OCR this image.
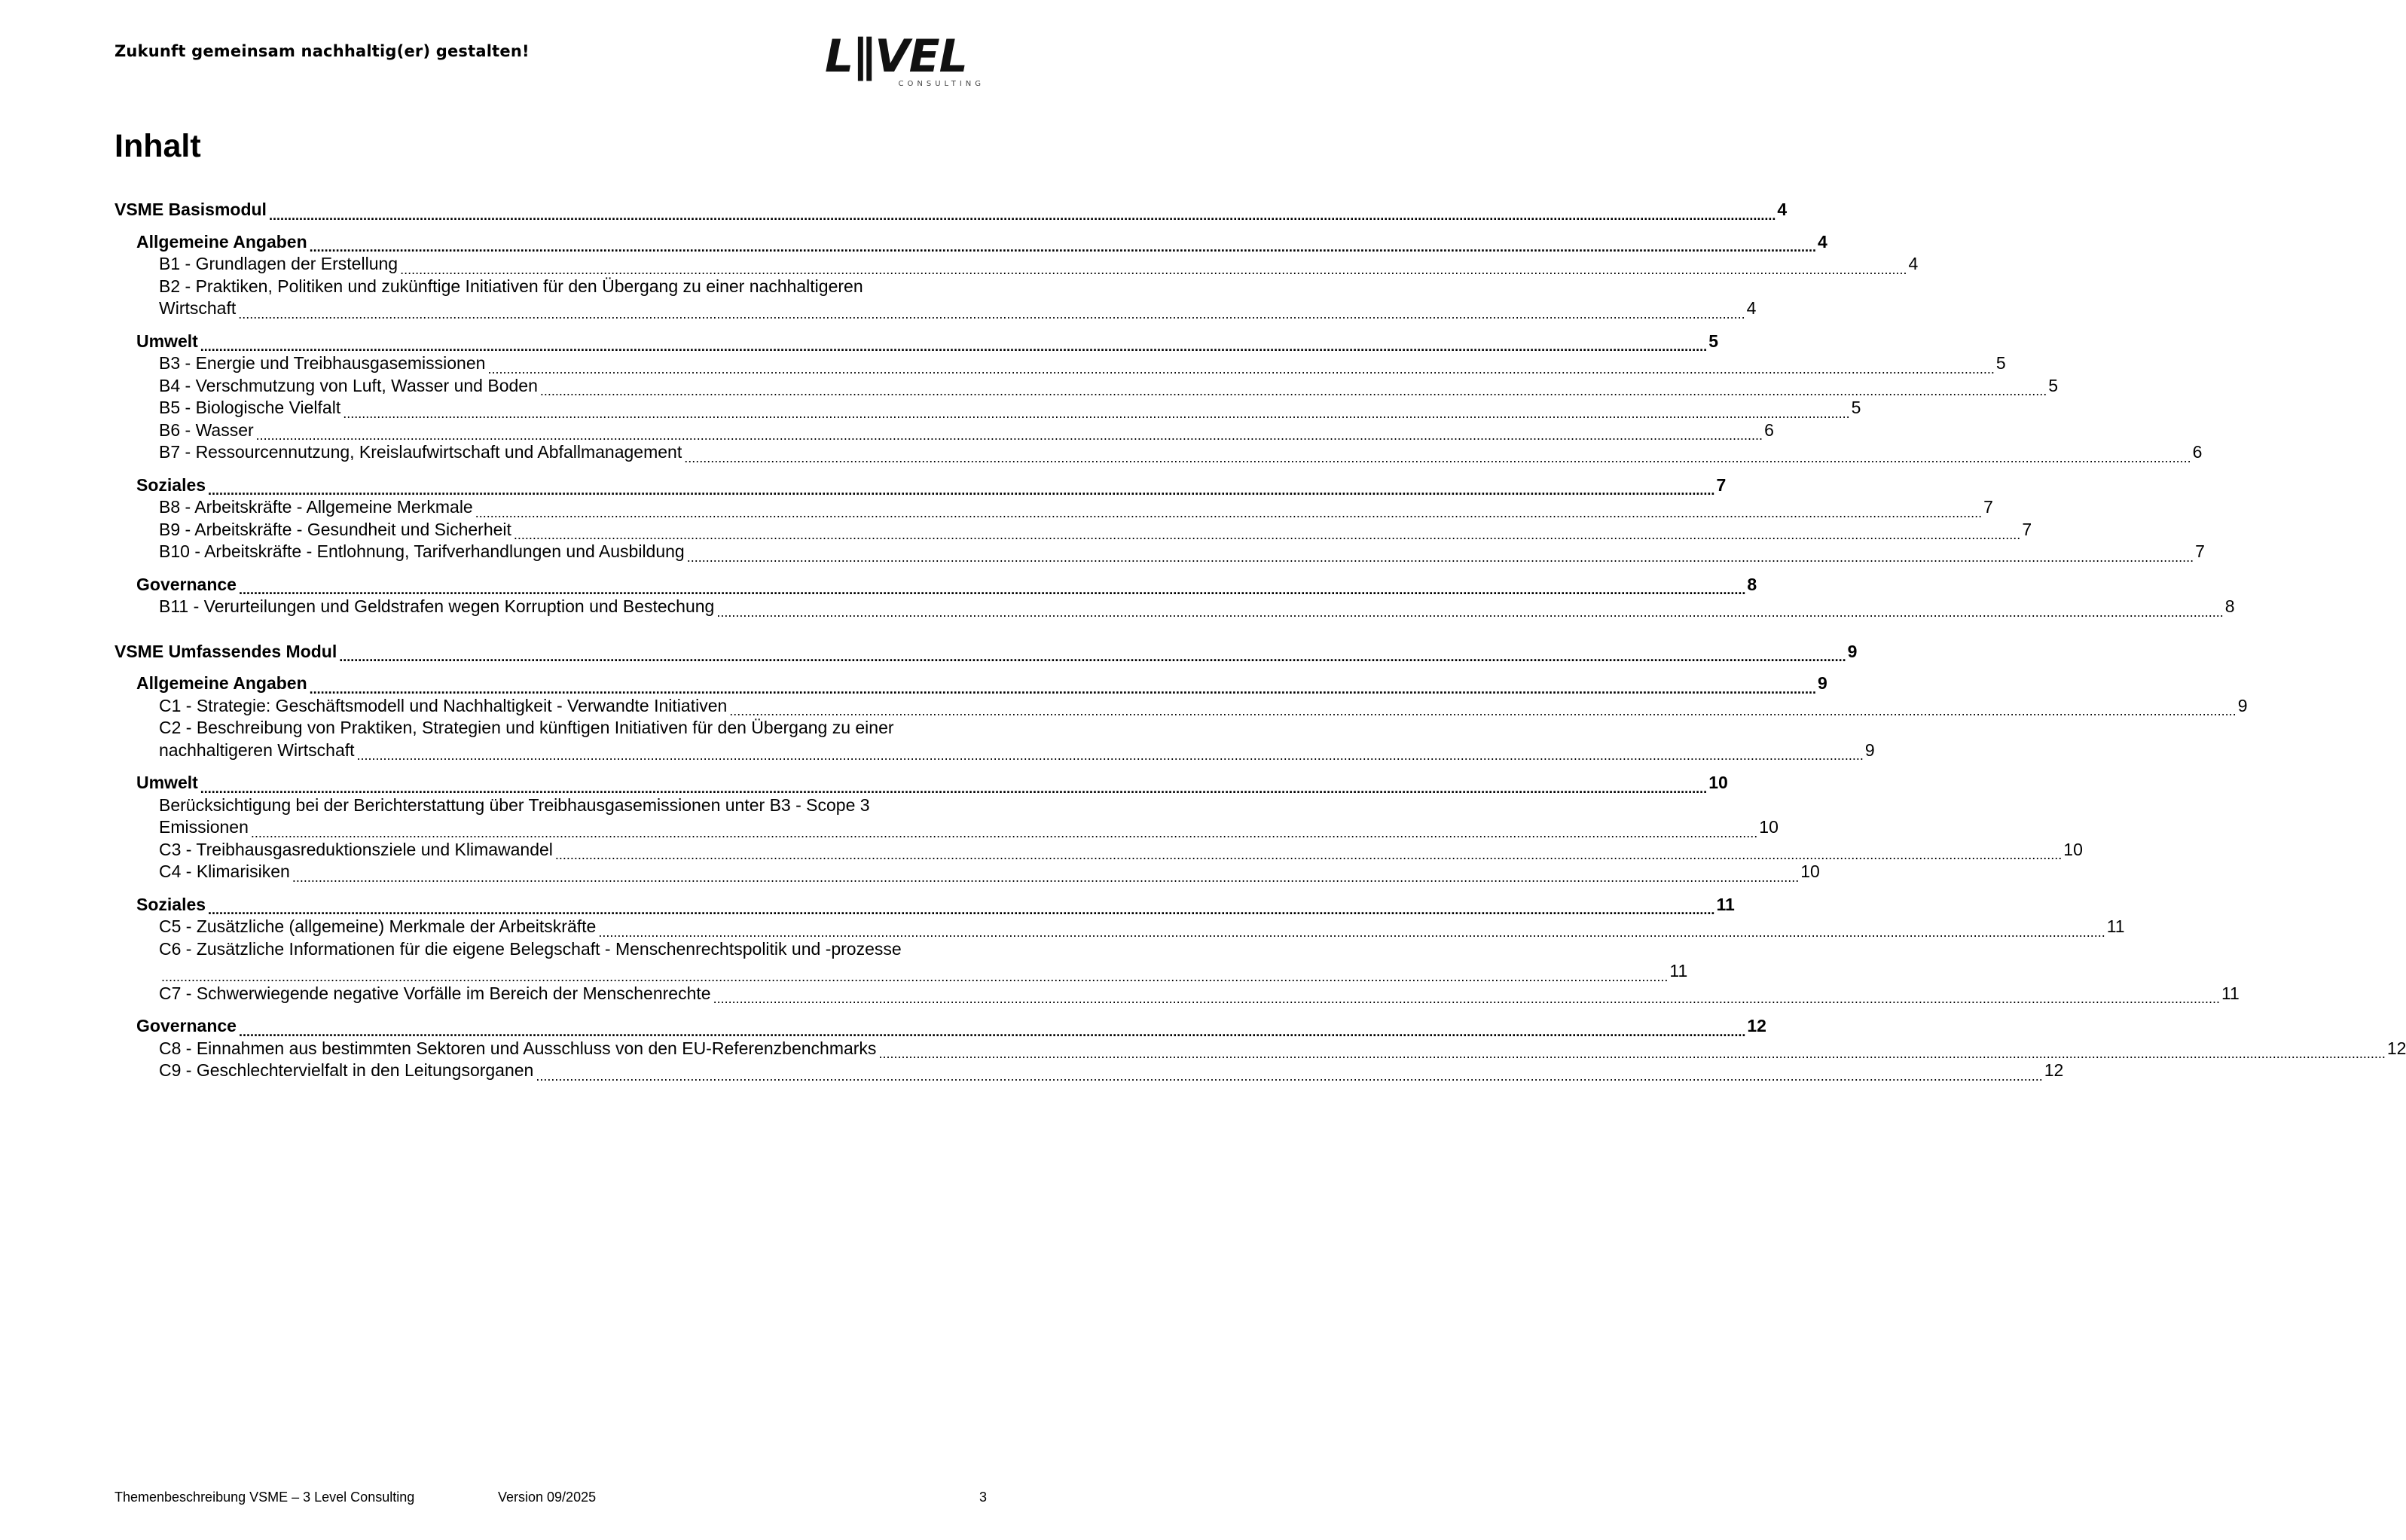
Zukunft gemeinsam nachhaltig(er) gestalten!	L∥VEL
CONSULTING
Inhalt
VSME Basismodul ................................................................................................................................................................................................................................................................................................................................................................................................................ 4
Allgemeine Angaben ................................................................................................................................................................................................................................................................................................................................................................................................................ 4
B1 - Grundlagen der Erstellung ................................................................................................................................................................................................................................................................................................................................................................................................................ 4
B2 - Praktiken, Politiken und zukünftige Initiativen für den Übergang zu einer nachhaltigeren
Wirtschaft ................................................................................................................................................................................................................................................................................................................................................................................................................ 4
Umwelt ................................................................................................................................................................................................................................................................................................................................................................................................................ 5
B3 - Energie und Treibhausgasemissionen ................................................................................................................................................................................................................................................................................................................................................................................................................ 5
B4 - Verschmutzung von Luft, Wasser und Boden ................................................................................................................................................................................................................................................................................................................................................................................................................ 5
B5 - Biologische Vielfalt ................................................................................................................................................................................................................................................................................................................................................................................................................ 5
B6 - Wasser ................................................................................................................................................................................................................................................................................................................................................................................................................ 6
B7 - Ressourcennutzung, Kreislaufwirtschaft und Abfallmanagement ................................................................................................................................................................................................................................................................................................................................................................................................................ 6
Soziales ................................................................................................................................................................................................................................................................................................................................................................................................................ 7
B8 - Arbeitskräfte - Allgemeine Merkmale ................................................................................................................................................................................................................................................................................................................................................................................................................ 7
B9 - Arbeitskräfte - Gesundheit und Sicherheit ................................................................................................................................................................................................................................................................................................................................................................................................................ 7
B10 - Arbeitskräfte - Entlohnung, Tarifverhandlungen und Ausbildung ................................................................................................................................................................................................................................................................................................................................................................................................................ 7
Governance ................................................................................................................................................................................................................................................................................................................................................................................................................ 8
B11 - Verurteilungen und Geldstrafen wegen Korruption und Bestechung ................................................................................................................................................................................................................................................................................................................................................................................................................ 8
VSME Umfassendes Modul ................................................................................................................................................................................................................................................................................................................................................................................................................ 9
Allgemeine Angaben ................................................................................................................................................................................................................................................................................................................................................................................................................ 9
C1 - Strategie: Geschäftsmodell und Nachhaltigkeit - Verwandte Initiativen ................................................................................................................................................................................................................................................................................................................................................................................................................ 9
C2 - Beschreibung von Praktiken, Strategien und künftigen Initiativen für den Übergang zu einer
nachhaltigeren Wirtschaft ................................................................................................................................................................................................................................................................................................................................................................................................................ 9
Umwelt ................................................................................................................................................................................................................................................................................................................................................................................................................ 10
Berücksichtigung bei der Berichterstattung über Treibhausgasemissionen unter B3 - Scope 3
Emissionen ................................................................................................................................................................................................................................................................................................................................................................................................................ 10
C3 - Treibhausgasreduktionsziele und Klimawandel ................................................................................................................................................................................................................................................................................................................................................................................................................ 10
C4 - Klimarisiken ................................................................................................................................................................................................................................................................................................................................................................................................................ 10
Soziales ................................................................................................................................................................................................................................................................................................................................................................................................................ 11
C5 - Zusätzliche (allgemeine) Merkmale der Arbeitskräfte ................................................................................................................................................................................................................................................................................................................................................................................................................ 11
C6 - Zusätzliche Informationen für die eigene Belegschaft - Menschenrechtspolitik und -prozesse
................................................................................................................................................................................................................................................................................................................................................................................................................ 11
C7 - Schwerwiegende negative Vorfälle im Bereich der Menschenrechte ................................................................................................................................................................................................................................................................................................................................................................................................................ 11
Governance ................................................................................................................................................................................................................................................................................................................................................................................................................ 12
C8 - Einnahmen aus bestimmten Sektoren und Ausschluss von den EU-Referenzbenchmarks ................................................................................................................................................................................................................................................................................................................................................................................................................ 12
C9 - Geschlechtervielfalt in den Leitungsorganen ................................................................................................................................................................................................................................................................................................................................................................................................................ 12
Themenbeschreibung VSME – 3 Level Consulting	Version 09/2025	3
